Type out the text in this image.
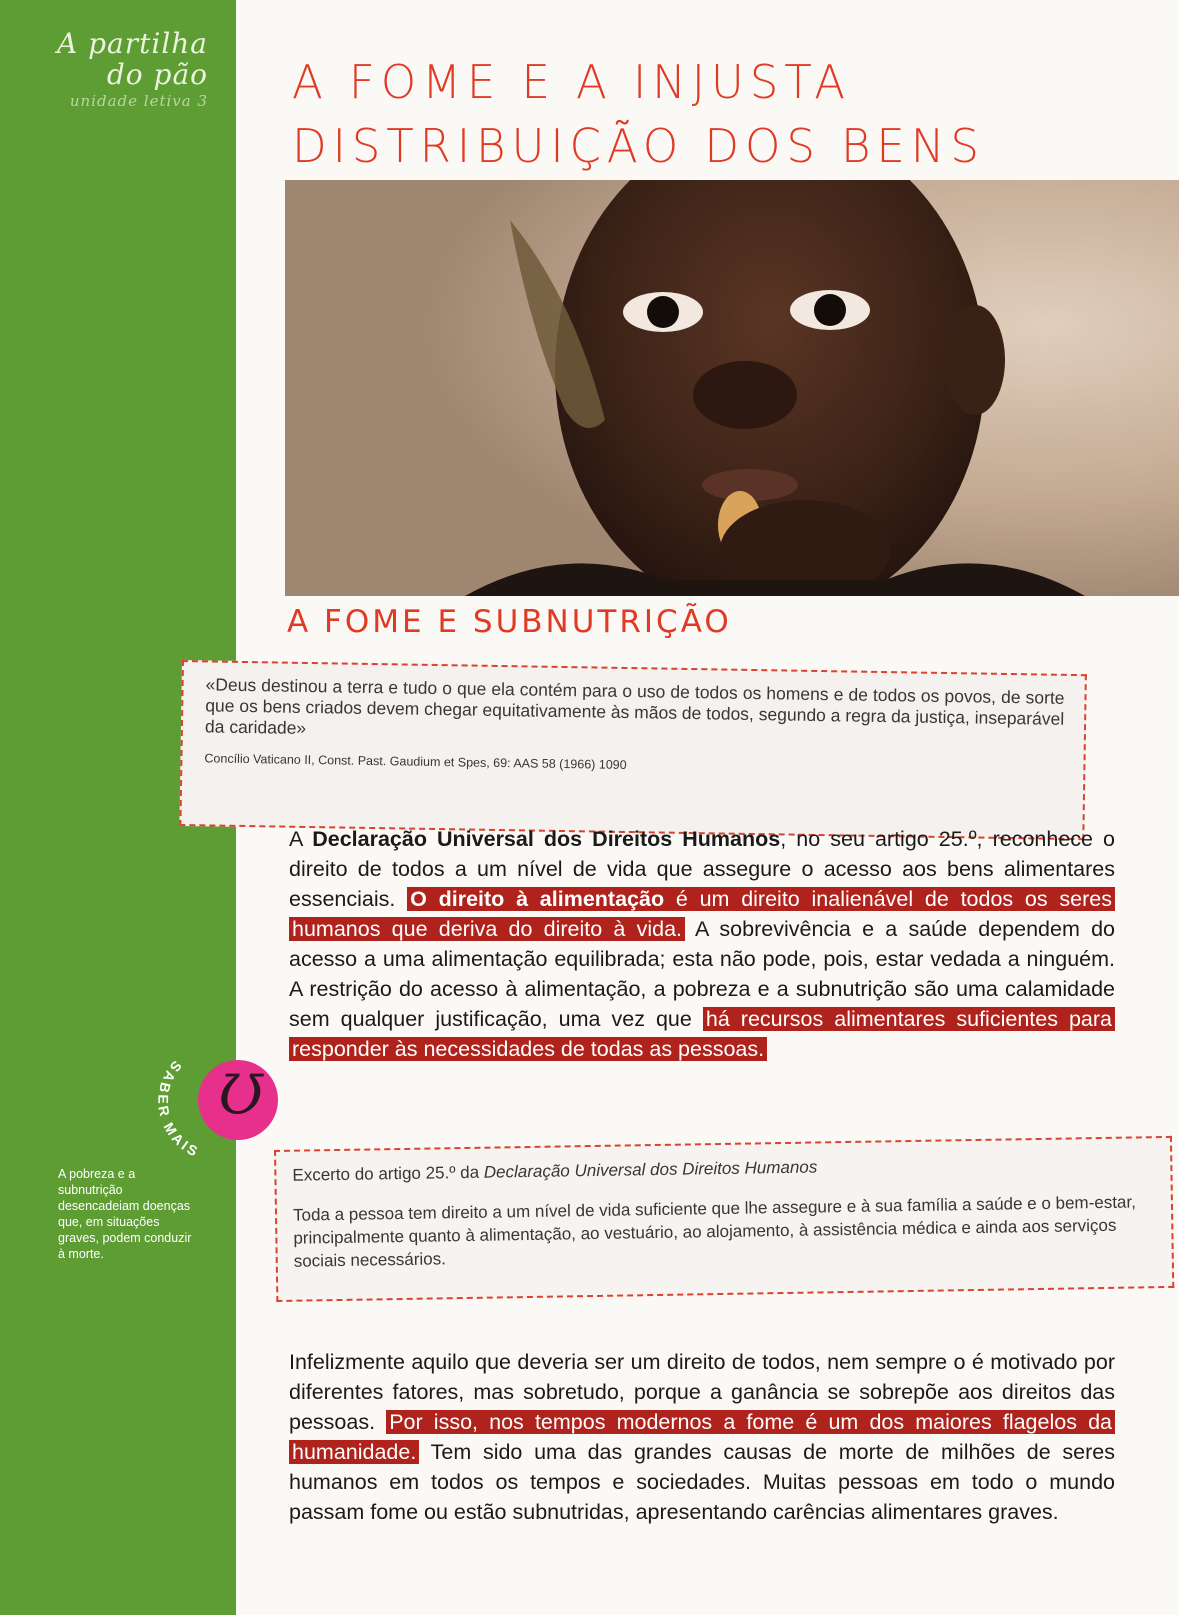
A partilha
do pão
unidade letiva 3
A pobreza e a subnutrição desencadeiam doenças que, em situações graves, podem conduzir à morte.
A FOME E A INJUSTA
DISTRIBUIÇÃO DOS BENS
A FOME E SUBNUTRIÇÃO
«Deus destinou a terra e tudo o que ela contém para o uso de todos os homens e de todos os povos, de sorte que os bens criados devem chegar equitativamente às mãos de todos, segundo a regra da justiça, inseparável da caridade»
Concílio Vaticano II, Const. Past. Gaudium et Spes, 69: AAS 58 (1966) 1090
A Declaração Universal dos Direitos Humanos, no seu artigo 25.º, reconhece o direito de todos a um nível de vida que assegure o acesso aos bens alimentares essenciais. O direito à alimentação é um direito inalienável de todos os seres humanos que deriva do direito à vida. A sobrevivência e a saúde dependem do acesso a uma alimentação equilibrada; esta não pode, pois, estar vedada a ninguém. A restrição do acesso à alimentação, a pobreza e a subnutrição são uma calamidade sem qualquer justificação, uma vez que há recursos alimentares suficientes para responder às necessidades de todas as pessoas.
Ʊ
SABER MAIS
Excerto do artigo 25.º da Declaração Universal dos Direitos Humanos
Toda a pessoa tem direito a um nível de vida suficiente que lhe assegure e à sua família a saúde e o bem-estar, principalmente quanto à alimentação, ao vestuário, ao alojamento, à assistência médica e ainda aos serviços sociais necessários.
Infelizmente aquilo que deveria ser um direito de todos, nem sempre o é motivado por diferentes fatores, mas sobretudo, porque a ganância se sobrepõe aos direitos das pessoas. Por isso, nos tempos modernos a fome é um dos maiores flagelos da humanidade. Tem sido uma das grandes causas de morte de milhões de seres humanos em todos os tempos e sociedades. Muitas pessoas em todo o mundo passam fome ou estão subnutridas, apresentando carências alimentares graves.
